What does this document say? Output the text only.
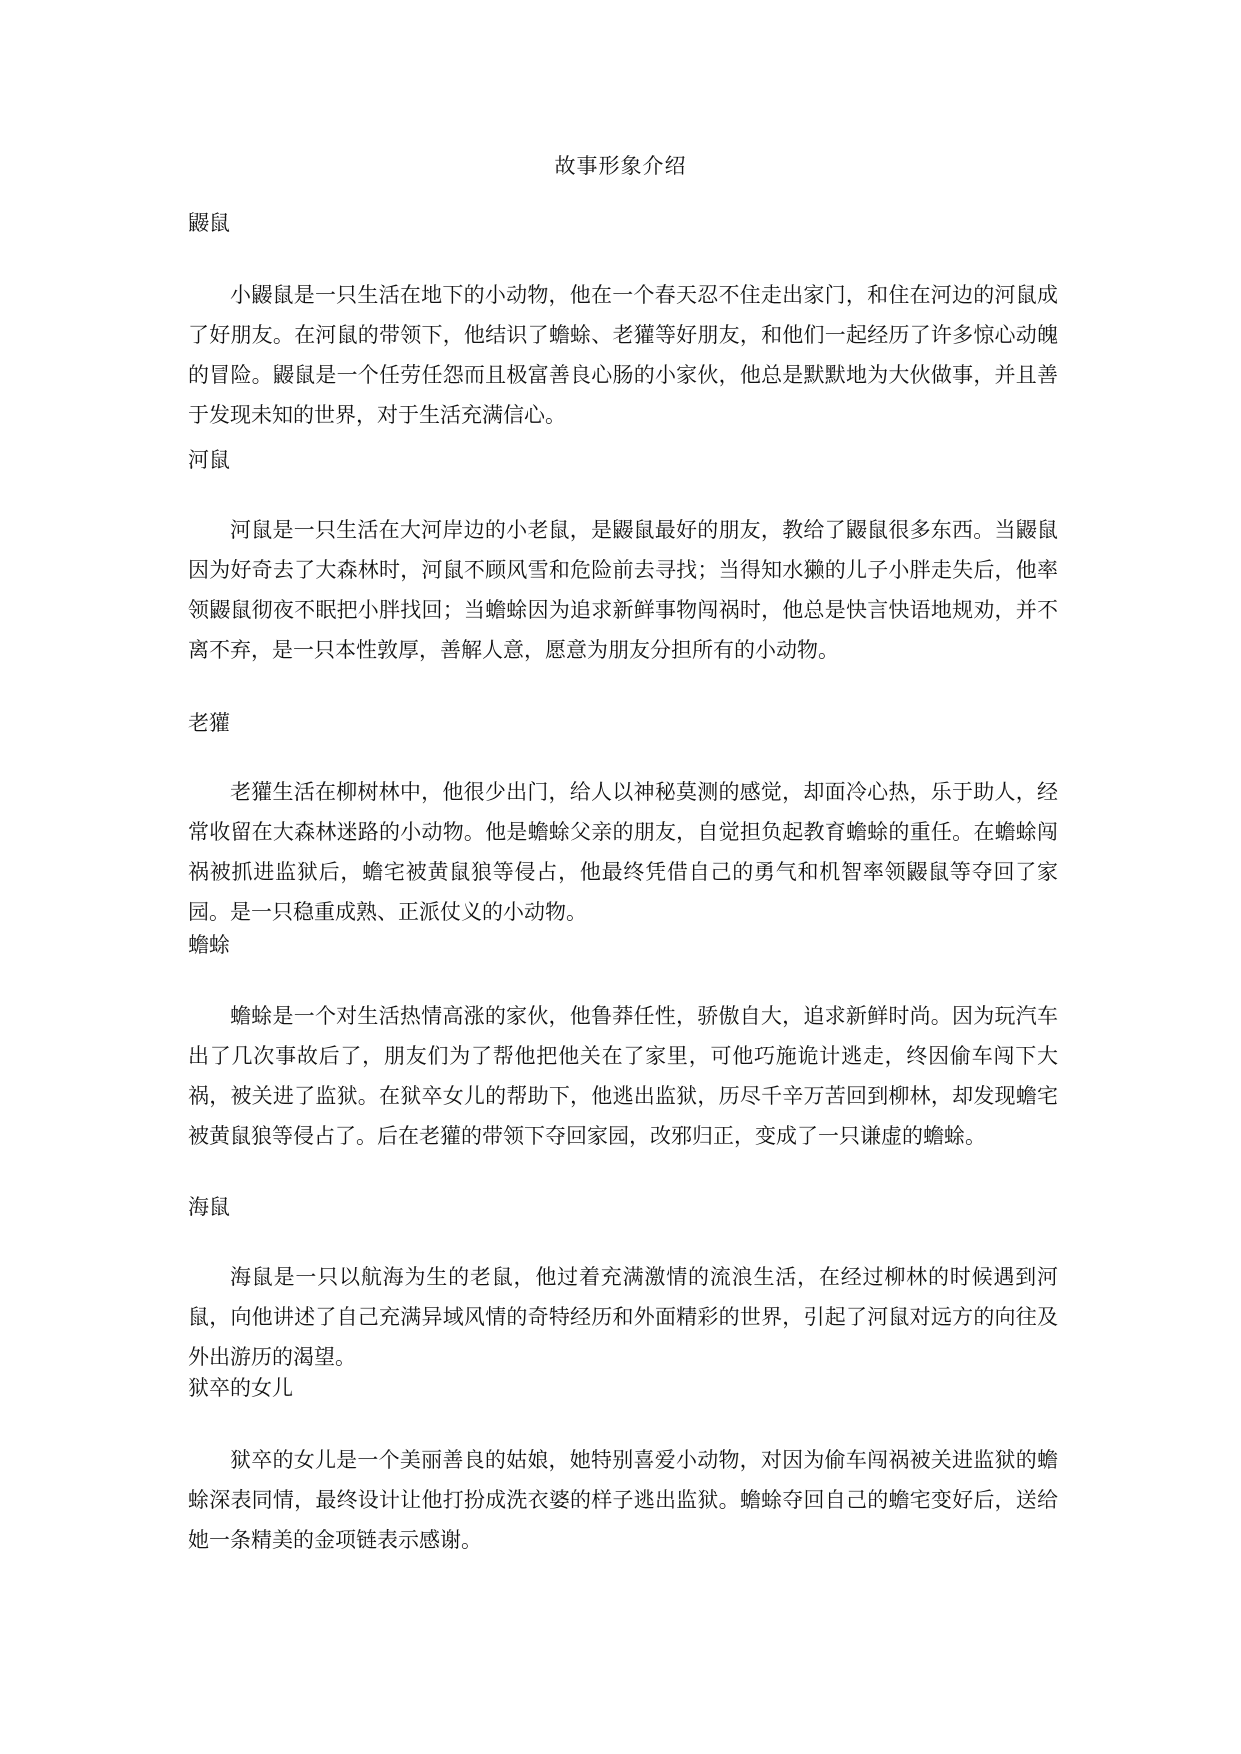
故事形象介绍
鼹鼠

小鼹鼠是一只生活在地下的小动物，他在一个春天忍不住走出家门，和住在河边的河鼠成了好朋友。在河鼠的带领下，他结识了蟾蜍、老獾等好朋友，和他们一起经历了许多惊心动魄的冒险。鼹鼠是一个任劳任怨而且极富善良心肠的小家伙，他总是默默地为大伙做事，并且善于发现未知的世界，对于生活充满信心。

河鼠

河鼠是一只生活在大河岸边的小老鼠，是鼹鼠最好的朋友，教给了鼹鼠很多东西。当鼹鼠因为好奇去了大森林时，河鼠不顾风雪和危险前去寻找；当得知水獭的儿子小胖走失后，他率领鼹鼠彻夜不眠把小胖找回；当蟾蜍因为追求新鲜事物闯祸时，他总是快言快语地规劝，并不离不弃，是一只本性敦厚，善解人意，愿意为朋友分担所有的小动物。

老獾

老獾生活在柳树林中，他很少出门，给人以神秘莫测的感觉，却面冷心热，乐于助人，经常收留在大森林迷路的小动物。他是蟾蜍父亲的朋友，自觉担负起教育蟾蜍的重任。在蟾蜍闯祸被抓进监狱后，蟾宅被黄鼠狼等侵占，他最终凭借自己的勇气和机智率领鼹鼠等夺回了家园。是一只稳重成熟、正派仗义的小动物。

蟾蜍

蟾蜍是一个对生活热情高涨的家伙，他鲁莽任性，骄傲自大，追求新鲜时尚。因为玩汽车出了几次事故后了，朋友们为了帮他把他关在了家里，可他巧施诡计逃走，终因偷车闯下大祸，被关进了监狱。在狱卒女儿的帮助下，他逃出监狱，历尽千辛万苦回到柳林，却发现蟾宅被黄鼠狼等侵占了。后在老獾的带领下夺回家园，改邪归正，变成了一只谦虚的蟾蜍。

海鼠

海鼠是一只以航海为生的老鼠，他过着充满激情的流浪生活，在经过柳林的时候遇到河鼠，向他讲述了自己充满异域风情的奇特经历和外面精彩的世界，引起了河鼠对远方的向往及外出游历的渴望。

狱卒的女儿

狱卒的女儿是一个美丽善良的姑娘，她特别喜爱小动物，对因为偷车闯祸被关进监狱的蟾蜍深表同情，最终设计让他打扮成洗衣婆的样子逃出监狱。蟾蜍夺回自己的蟾宅变好后，送给她一条精美的金项链表示感谢。
